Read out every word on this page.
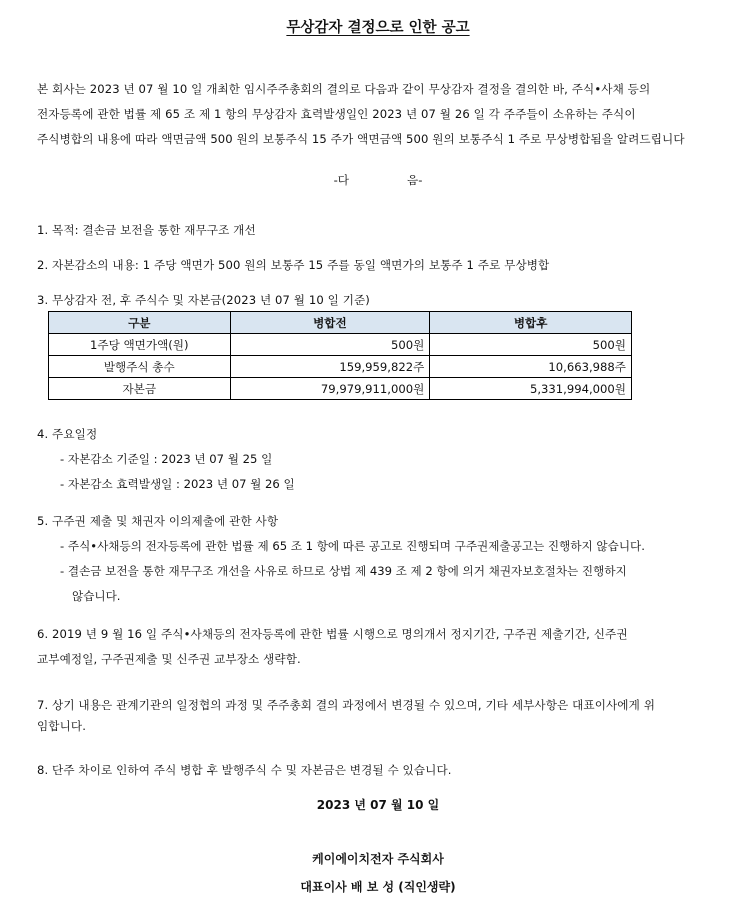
무상감자 결정으로 인한 공고
본 회사는 2023 년 07 월 10 일 개최한 임시주주총회의 결의로 다음과 같이 무상감자 결정을 결의한 바, 주식•사채 등의
전자등록에 관한 법률 제 65 조 제 1 항의 무상감자 효력발생일인 2023 년 07 월 26 일 각 주주들이 소유하는 주식이
주식병합의 내용에 따라 액면금액 500 원의 보통주식 15 주가 액면금액 500 원의 보통주식 1 주로 무상병합됨을 알려드립니다
-다	음-
1. 목적: 결손금 보전을 통한 재무구조 개선
2. 자본감소의 내용: 1 주당 액면가 500 원의 보통주 15 주를 동일 액면가의 보통주 1 주로 무상병합
3. 무상감자 전, 후 주식수 및 자본금(2023 년 07 월 10 일 기준)
구분	병합전	병합후
1주당 액면가액(원)	500원	500원
발행주식 총수	159,959,822주	10,663,988주
자본금	79,979,911,000원	5,331,994,000원
4. 주요일정
- 자본감소 기준일 : 2023 년 07 월 25 일
- 자본감소 효력발생일 : 2023 년 07 월 26 일
5. 구주권 제출 및 채권자 이의제출에 관한 사항
- 주식•사채등의 전자등록에 관한 법률 제 65 조 1 항에 따른 공고로 진행되며 구주권제출공고는 진행하지 않습니다.
- 결손금 보전을 통한 재무구조 개선을 사유로 하므로 상법 제 439 조 제 2 항에 의거 채권자보호절차는 진행하지
않습니다.
6. 2019 년 9 월 16 일 주식•사채등의 전자등록에 관한 법률 시행으로 명의개서 정지기간, 구주권 제출기간, 신주권
교부예정일, 구주권제출 및 신주권 교부장소 생략함.
7. 상기 내용은 관계기관의 일정협의 과정 및 주주총회 결의 과정에서 변경될 수 있으며, 기타 세부사항은 대표이사에게 위
임합니다.
8. 단주 차이로 인하여 주식 병합 후 발행주식 수 및 자본금은 변경될 수 있습니다.
2023 년 07 월 10 일
케이에이치전자 주식회사
대표이사 배 보 성 (직인생략)
